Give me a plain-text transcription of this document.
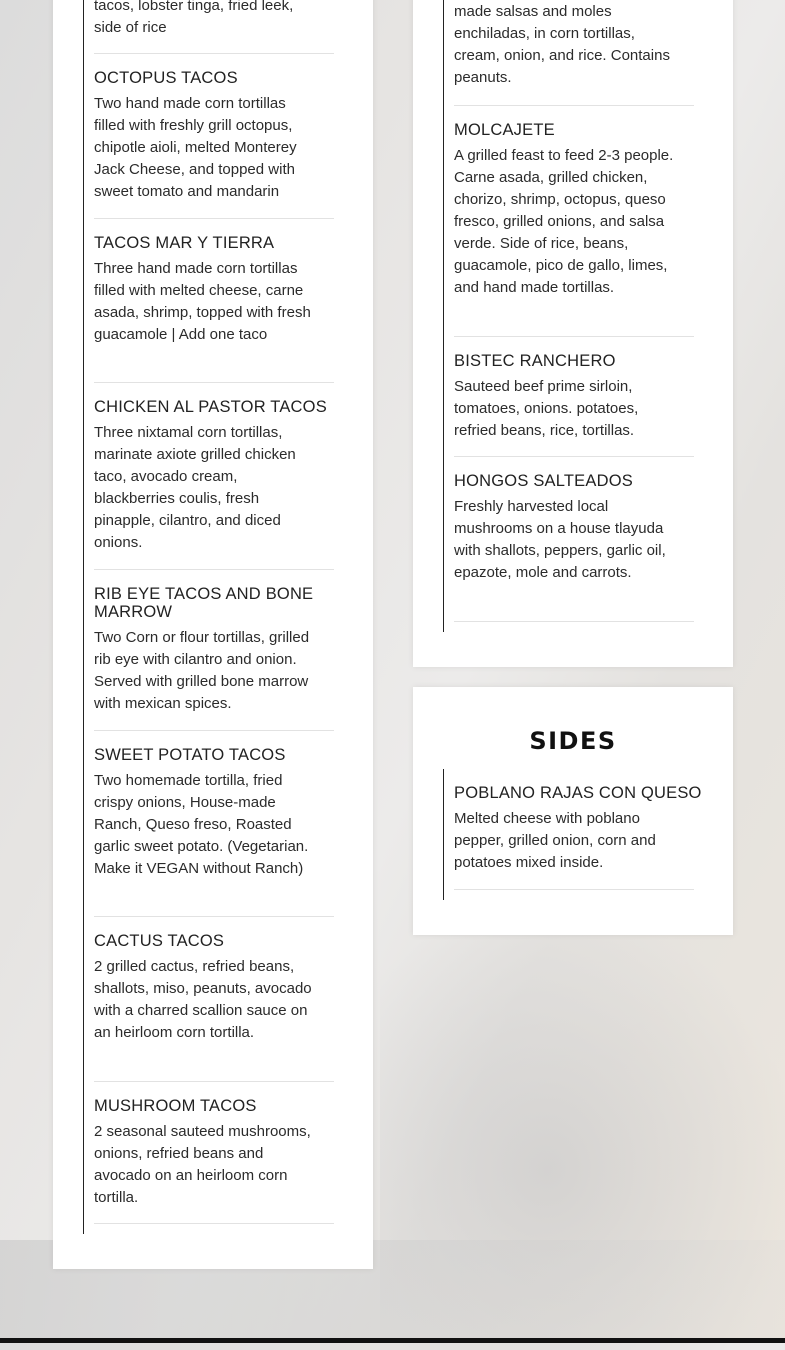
tacos, lobster tinga, fried leek, side of rice

OCTOPUS TACOS

Two hand made corn tortillas filled with freshly grill octopus, chipotle aioli, melted Monterey Jack Cheese, and topped with sweet tomato and mandarin

TACOS MAR Y TIERRA

Three hand made corn tortillas filled with melted cheese, carne asada, shrimp, topped with fresh guacamole | Add one taco

CHICKEN AL PASTOR TACOS

Three nixtamal corn tortillas, marinate axiote grilled chicken taco, avocado cream, blackberries coulis, fresh pinapple, cilantro, and diced onions.

RIB EYE TACOS AND BONE MARROW

Two Corn or flour tortillas, grilled rib eye with cilantro and onion. Served with grilled bone marrow with mexican spices.

SWEET POTATO TACOS

Two homemade tortilla, fried crispy onions, House-made Ranch, Queso freso, Roasted garlic sweet potato. (Vegetarian. Make it VEGAN without Ranch)

CACTUS TACOS

2 grilled cactus, refried beans, shallots, miso, peanuts, avocado with a charred scallion sauce on an heirloom corn tortilla.

MUSHROOM TACOS

2 seasonal sauteed mushrooms, onions, refried beans and avocado on an heirloom corn tortilla.

made salsas and moles enchiladas, in corn tortillas, cream, onion, and rice. Contains peanuts.

MOLCAJETE

A grilled feast to feed 2-3 people. Carne asada, grilled chicken, chorizo, shrimp, octopus, queso fresco, grilled onions, and salsa verde. Side of rice, beans, guacamole, pico de gallo, limes, and hand made tortillas.

BISTEC RANCHERO

Sauteed beef prime sirloin, tomatoes, onions. potatoes, refried beans, rice, tortillas.

HONGOS SALTEADOS

Freshly harvested local mushrooms on a house tlayuda with shallots, peppers, garlic oil, epazote, mole and carrots.

SIDES

POBLANO RAJAS CON QUESO

Melted cheese with poblano pepper, grilled onion, corn and potatoes mixed inside.
